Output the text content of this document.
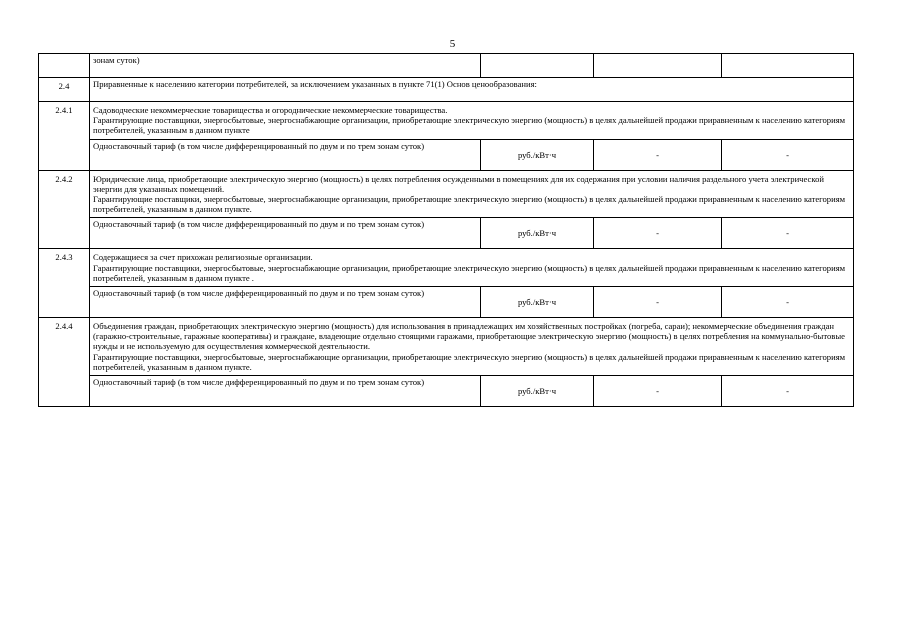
5
	зонам суток)			
2.4	Приравненные к населению категории потребителей, за исключением указанных в пункте 71(1) Основ ценообразования:			
2.4.1	Садоводческие некоммерческие товарищества и огороднические некоммерческие товарищества.
Гарантирующие поставщики, энергосбытовые, энергоснабжающие организации, приобретающие электрическую энергию (мощность) в целях дальнейшей продажи приравненным к населению категориям потребителей, указанным в данном пункте			

	Одноставочный тариф (в том числе дифференцированный по двум и по трем зонам суток)	руб./кВт·ч	-	-
2.4.2	Юридические лица, приобретающие электрическую энергию (мощность) в целях потребления осужденными в помещениях для их содержания при условии наличия раздельного учета электрической энергии для указанных помещений.
Гарантирующие поставщики, энергосбытовые, энергоснабжающие организации, приобретающие электрическую энергию (мощность) в целях дальнейшей продажи приравненным к населению категориям потребителей, указанным в данном пункте.			

	Одноставочный тариф (в том числе дифференцированный по двум и по трем зонам суток)	руб./кВт·ч	-	-
2.4.3	Содержащиеся за счет прихожан религиозные организации.
Гарантирующие поставщики, энергосбытовые, энергоснабжающие организации, приобретающие электрическую энергию (мощность) в целях дальнейшей продажи приравненным к населению категориям потребителей, указанным в данном пункте .			

	Одноставочный тариф (в том числе дифференцированный по двум и по трем зонам суток)	руб./кВт·ч	-	-
2.4.4	Объединения граждан, приобретающих электрическую энергию (мощность) для использования в принадлежащих им хозяйственных постройках (погреба, сараи); некоммерческие объединения граждан (гаражно-строительные, гаражные кооперативы) и граждане, владеющие отдельно стоящими гаражами, приобретающие электрическую энергию (мощность) в целях потребления на коммунально-бытовые нужды и не используемую для осуществления коммерческой деятельности.
Гарантирующие поставщики, энергосбытовые, энергоснабжающие организации, приобретающие электрическую энергию (мощность) в целях дальнейшей продажи приравненным к населению категориям потребителей, указанным в данном пункте.			

	Одноставочный тариф (в том числе дифференцированный по двум и по трем зонам суток)	руб./кВт·ч	-	-
